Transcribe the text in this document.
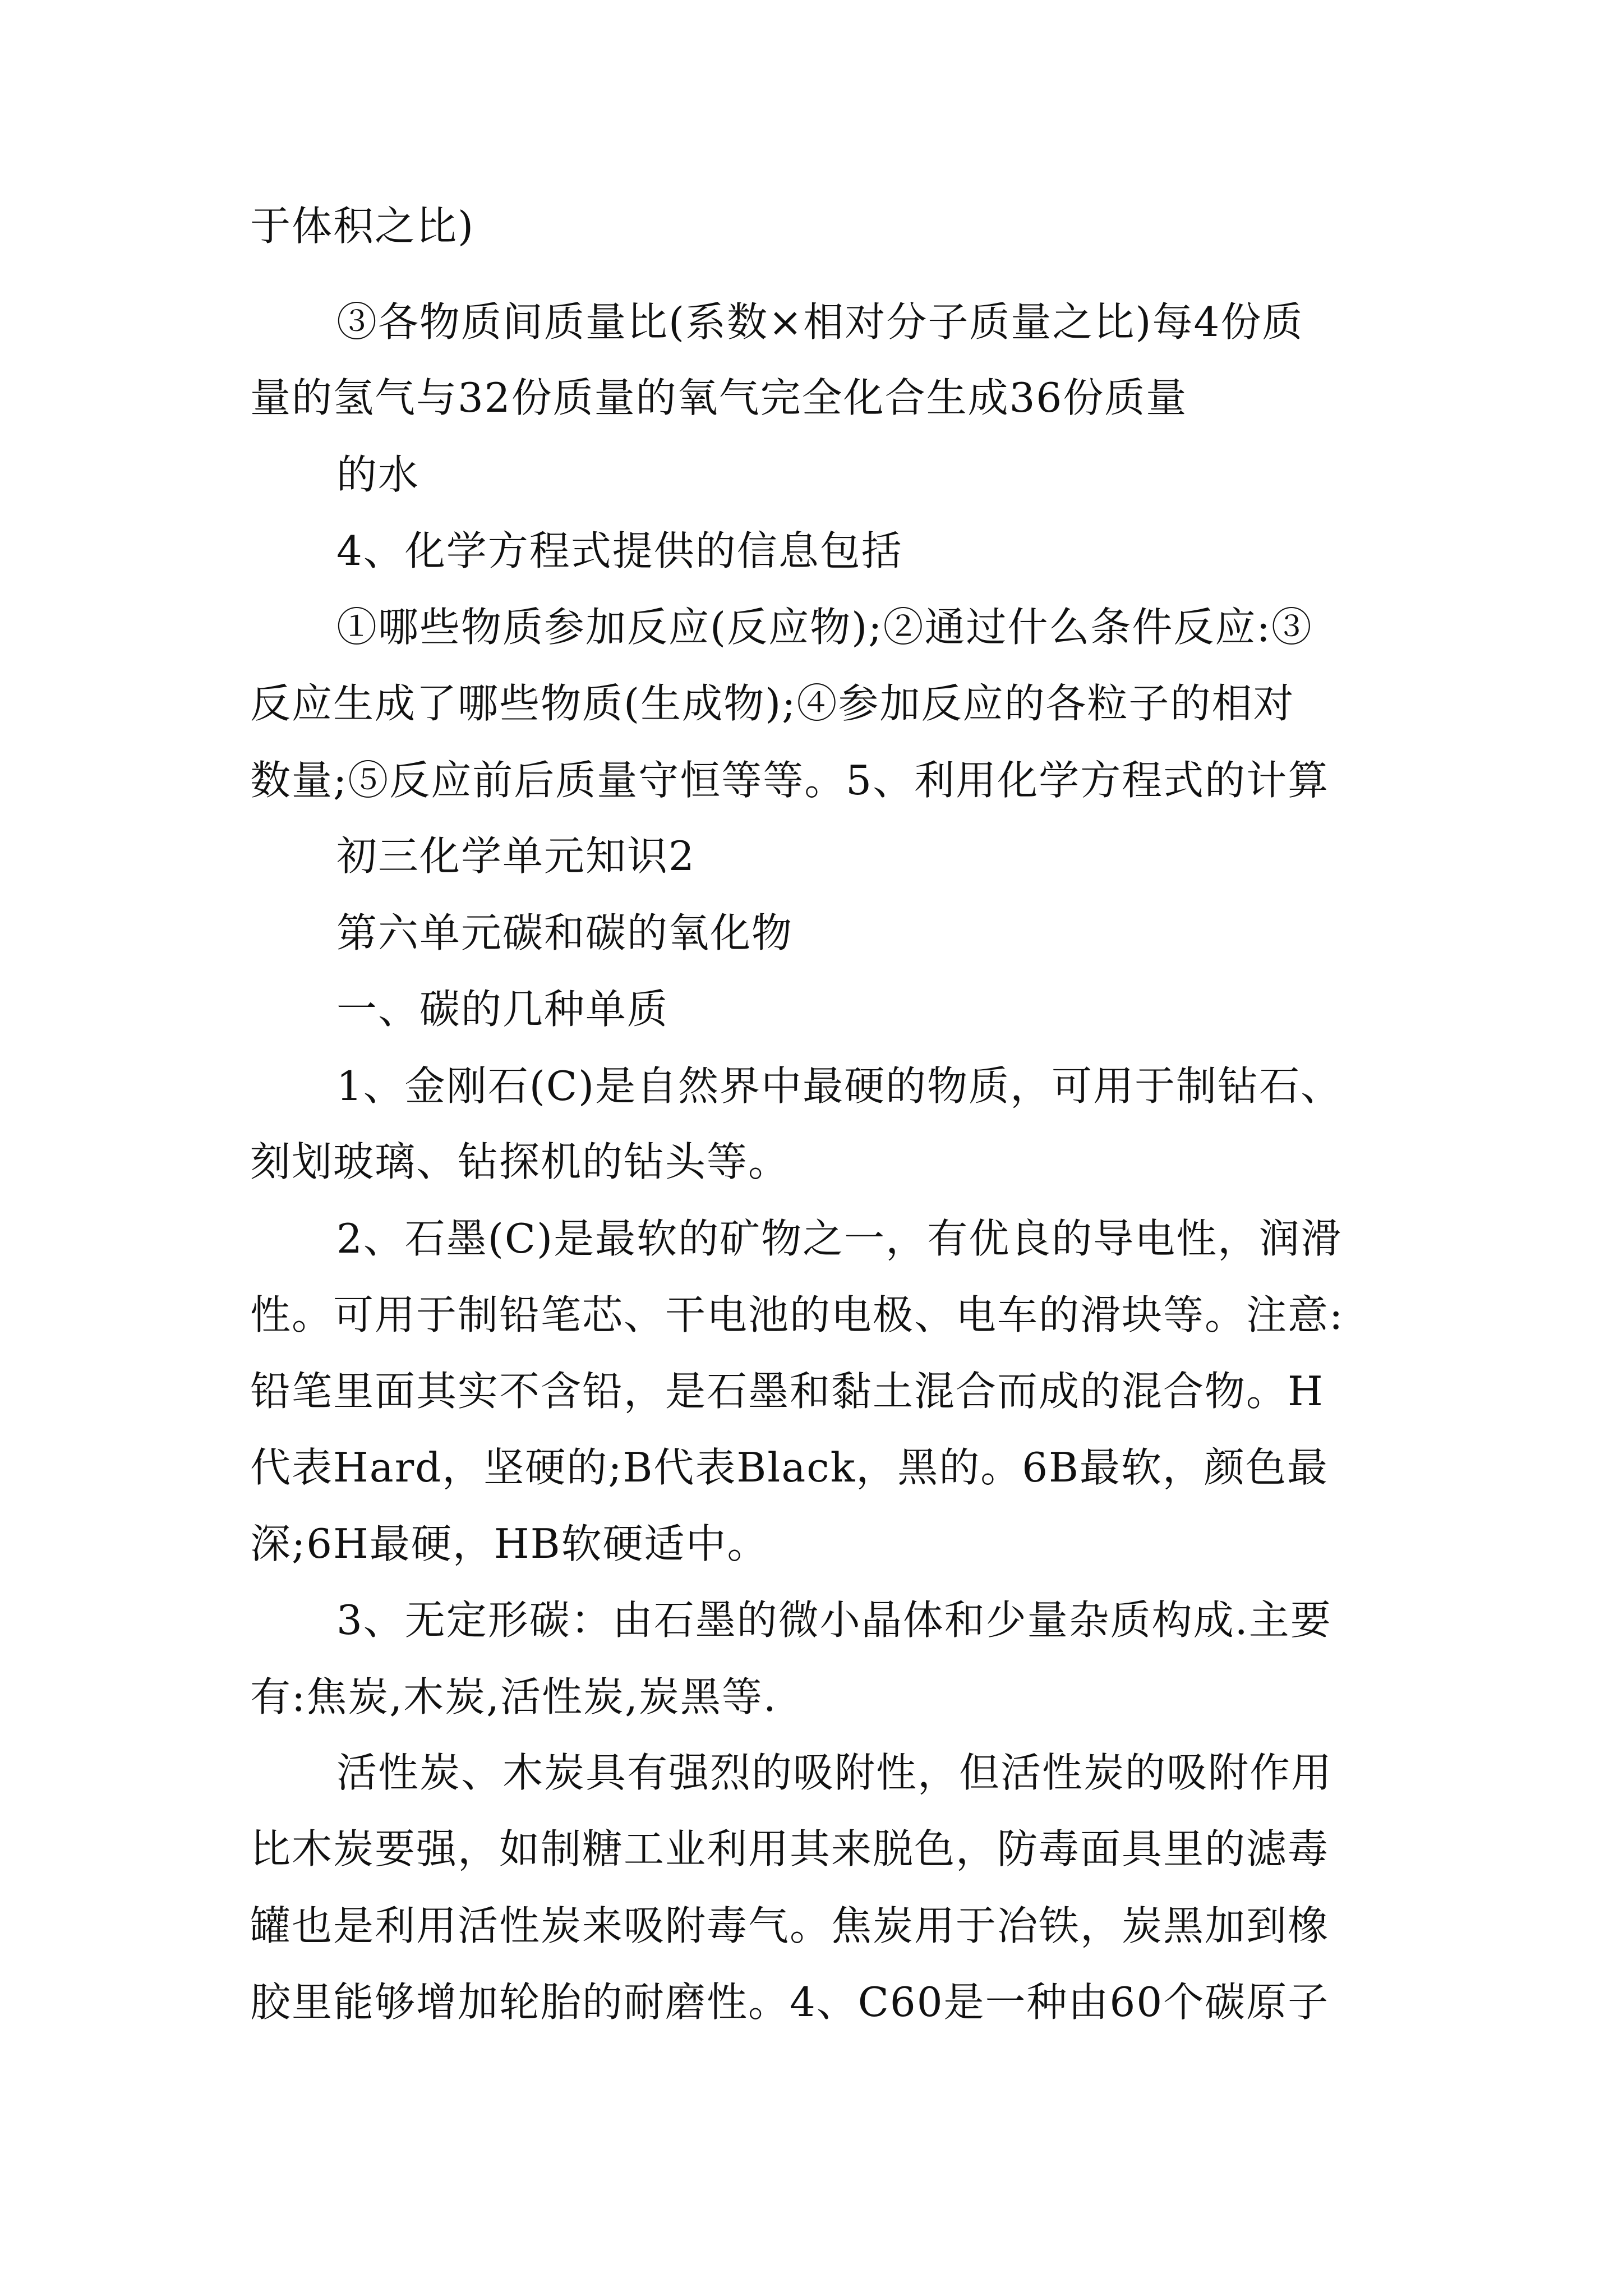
于体积之比)
③各物质间质量比(系数×相对分子质量之比)每4份质
量的氢气与32份质量的氧气完全化合生成36份质量
的水
4、化学方程式提供的信息包括
①哪些物质参加反应(反应物);②通过什么条件反应:③
反应生成了哪些物质(生成物);④参加反应的各粒子的相对
数量;⑤反应前后质量守恒等等。5、利用化学方程式的计算
初三化学单元知识2
第六单元碳和碳的氧化物
一、碳的几种单质
1、金刚石(C)是自然界中最硬的物质，可用于制钻石、
刻划玻璃、钻探机的钻头等。
2、石墨(C)是最软的矿物之一，有优良的导电性，润滑
性。可用于制铅笔芯、干电池的电极、电车的滑块等。注意:
铅笔里面其实不含铅，是石墨和黏土混合而成的混合物。H
代表Hard，坚硬的;B代表Black，黑的。6B最软，颜色最
深;6H最硬，HB软硬适中。
3、无定形碳：由石墨的微小晶体和少量杂质构成.主要
有:焦炭,木炭,活性炭,炭黑等.
活性炭、木炭具有强烈的吸附性，但活性炭的吸附作用
比木炭要强，如制糖工业利用其来脱色，防毒面具里的滤毒
罐也是利用活性炭来吸附毒气。焦炭用于冶铁，炭黑加到橡
胶里能够增加轮胎的耐磨性。4、C60是一种由60个碳原子
